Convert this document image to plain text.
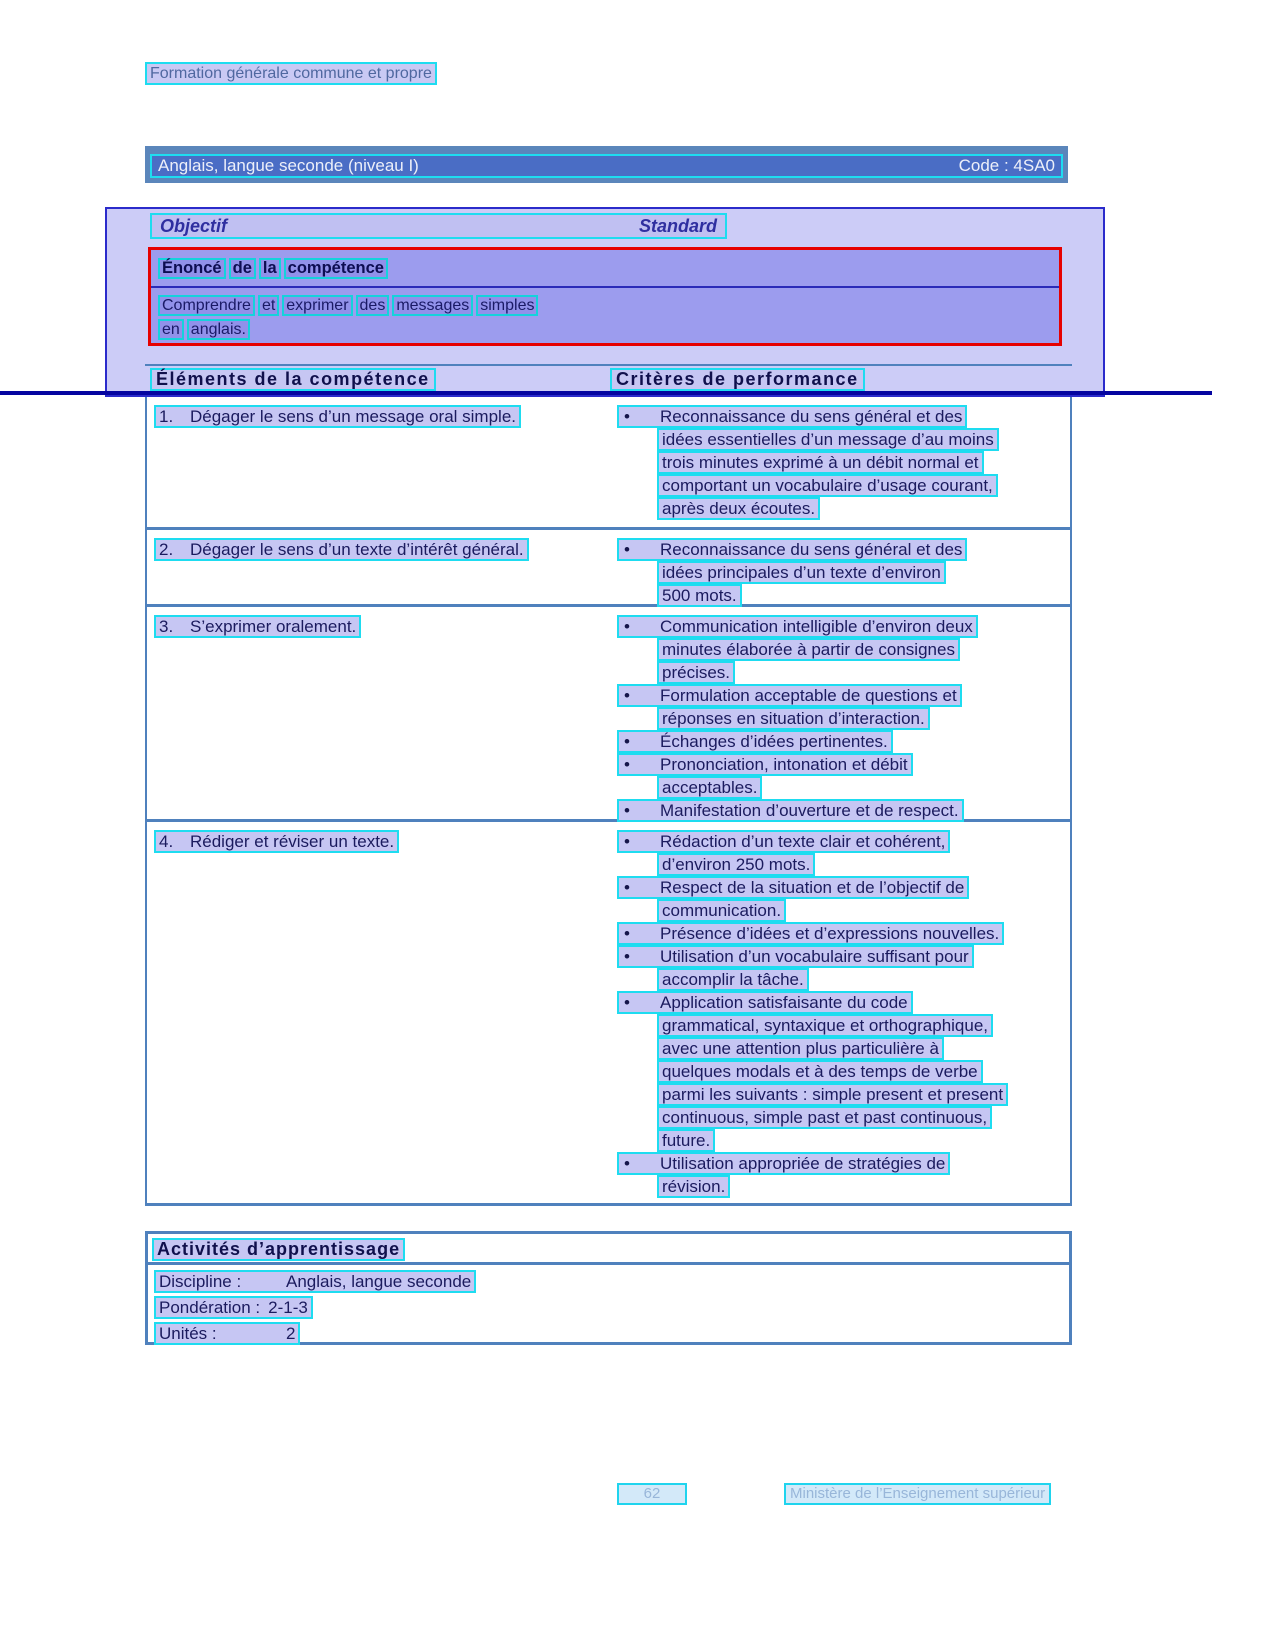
Formation générale commune et propre
Anglais, langue seconde (niveau I)	Code : 4SA0
Objectif	Standard
Énoncé de la compétence
Comprendre et exprimer des messages simples
en anglais.
Éléments de la compétence	Critères de performance
1. Dégager le sens d’un message oral simple.	• Reconnaissance du sens général et des
idées essentielles d’un message d’au moins
trois minutes exprimé à un débit normal et
comportant un vocabulaire d’usage courant,
après deux écoutes.
2. Dégager le sens d’un texte d’intérêt général.	• Reconnaissance du sens général et des
idées principales d’un texte d’environ
500 mots.
3. S’exprimer oralement.	• Communication intelligible d’environ deux
minutes élaborée à partir de consignes
précises.
• Formulation acceptable de questions et
réponses en situation d’interaction.
• Échanges d’idées pertinentes.
• Prononciation, intonation et débit
acceptables.
• Manifestation d’ouverture et de respect.
4. Rédiger et réviser un texte.	• Rédaction d’un texte clair et cohérent,
d’environ 250 mots.
• Respect de la situation et de l’objectif de
communication.
• Présence d’idées et d’expressions nouvelles.
• Utilisation d’un vocabulaire suffisant pour
accomplir la tâche.
• Application satisfaisante du code
grammatical, syntaxique et orthographique,
avec une attention plus particulière à
quelques modals et à des temps de verbe
parmi les suivants : simple present et present
continuous, simple past et past continuous,
future.
• Utilisation appropriée de stratégies de
révision.
Activités d’apprentissage
Discipline :	Anglais, langue seconde
Pondération : 2-1-3
Unités :	2
62	Ministère de l’Enseignement supérieur
